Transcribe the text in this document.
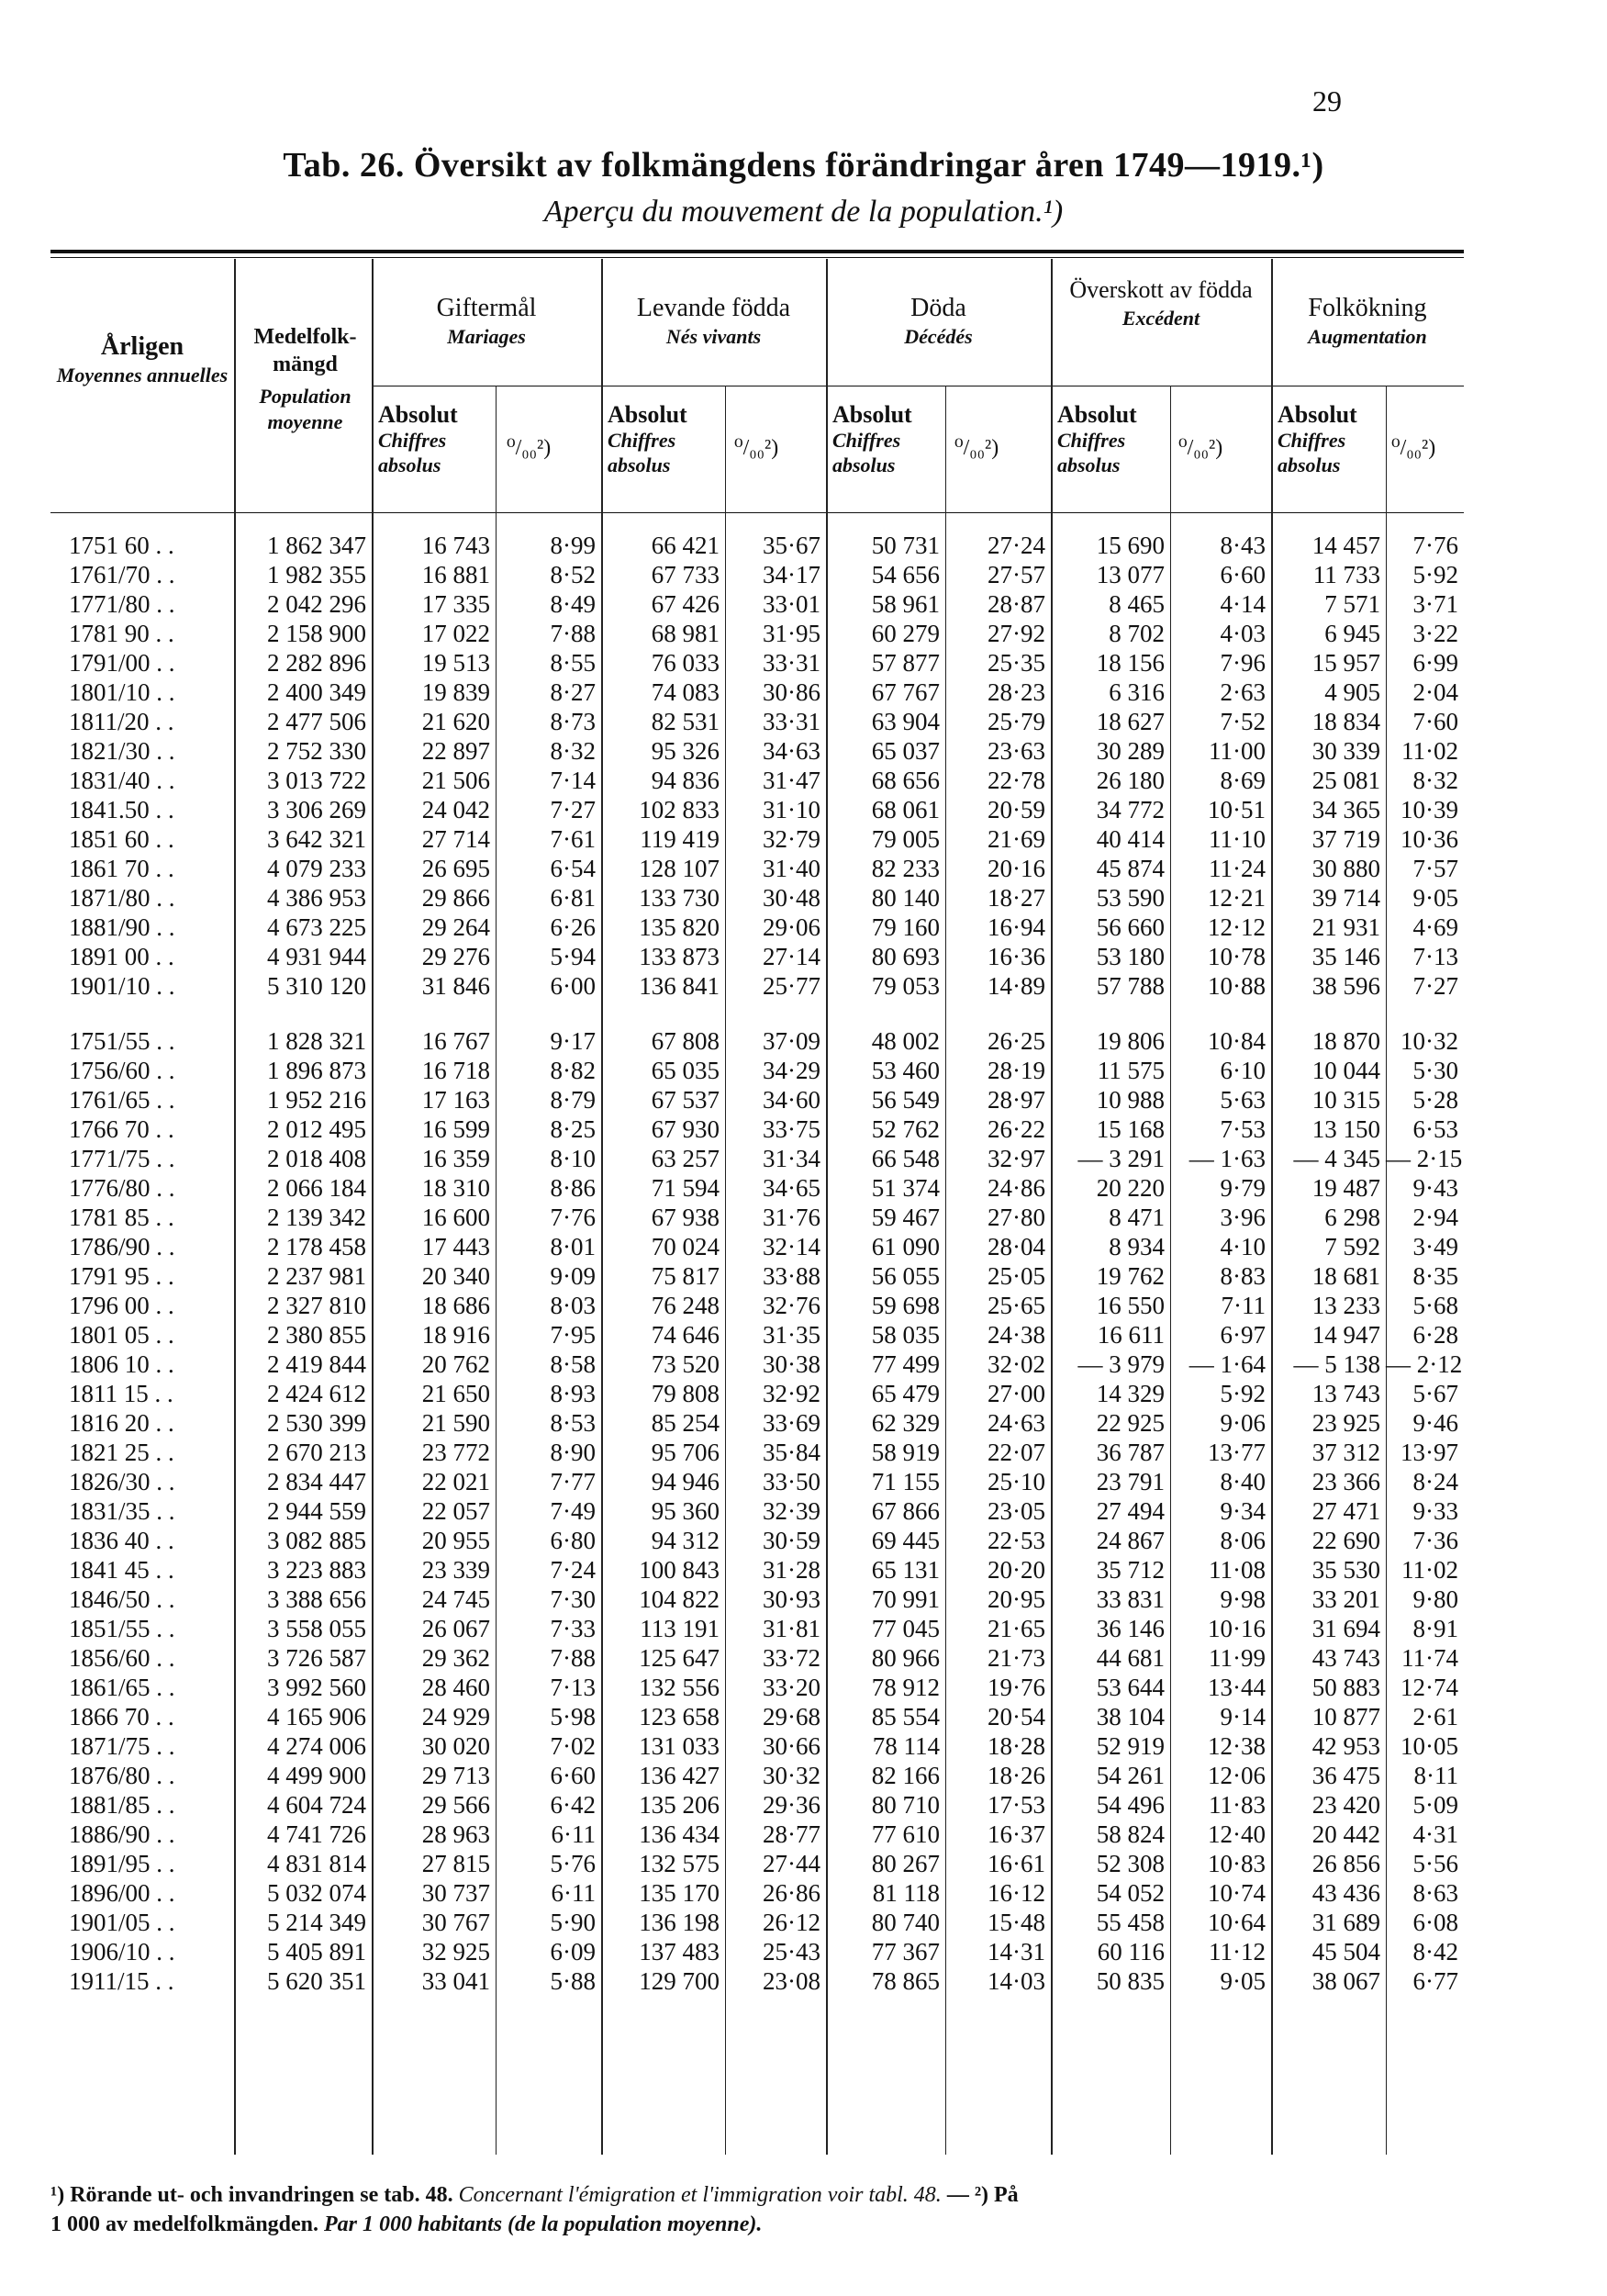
29
Tab. 26. Översikt av folkmängdens förändringar åren 1749—1919.¹)
Aperçu du mouvement de la population.¹)
Årligen
Moyennes annuelles
Medelfolk-mängd
Population moyenne
Giftermål
Mariages
Levande födda
Nés vivants
Döda
Décédés
Överskott av födda
Excédent	Folkökning
Augmentation
Absolut
Chiffres absolus
⁰/₀₀²)
Absolut
Chiffres absolus
⁰/₀₀²)
Absolut
Chiffres absolus
⁰/₀₀²)
Absolut
Chiffres absolus
⁰/₀₀²)
Absolut
Chiffres absolus
⁰/₀₀²)
1751 60 . .	1 862 347	16 743	8·99	66 421	35·67	50 731	27·24	15 690	8·43	14 457	7·76
1761/70 . .	1 982 355	16 881	8·52	67 733	34·17	54 656	27·57	13 077	6·60	11 733	5·92
1771/80 . .	2 042 296	17 335	8·49	67 426	33·01	58 961	28·87	8 465	4·14	7 571	3·71
1781 90 . .	2 158 900	17 022	7·88	68 981	31·95	60 279	27·92	8 702	4·03	6 945	3·22
1791/00 . .	2 282 896	19 513	8·55	76 033	33·31	57 877	25·35	18 156	7·96	15 957	6·99
1801/10 . .	2 400 349	19 839	8·27	74 083	30·86	67 767	28·23	6 316	2·63	4 905	2·04
1811/20 . .	2 477 506	21 620	8·73	82 531	33·31	63 904	25·79	18 627	7·52	18 834	7·60
1821/30 . .	2 752 330	22 897	8·32	95 326	34·63	65 037	23·63	30 289	11·00	30 339	11·02
1831/40 . .	3 013 722	21 506	7·14	94 836	31·47	68 656	22·78	26 180	8·69	25 081	8·32
1841.50 . .	3 306 269	24 042	7·27	102 833	31·10	68 061	20·59	34 772	10·51	34 365	10·39
1851 60 . .	3 642 321	27 714	7·61	119 419	32·79	79 005	21·69	40 414	11·10	37 719	10·36
1861 70 . .	4 079 233	26 695	6·54	128 107	31·40	82 233	20·16	45 874	11·24	30 880	7·57
1871/80 . .	4 386 953	29 866	6·81	133 730	30·48	80 140	18·27	53 590	12·21	39 714	9·05
1881/90 . .	4 673 225	29 264	6·26	135 820	29·06	79 160	16·94	56 660	12·12	21 931	4·69
1891 00 . .	4 931 944	29 276	5·94	133 873	27·14	80 693	16·36	53 180	10·78	35 146	7·13
1901/10 . .	5 310 120	31 846	6·00	136 841	25·77	79 053	14·89	57 788	10·88	38 596	7·27

1751/55 . .	1 828 321	16 767	9·17	67 808	37·09	48 002	26·25	19 806	10·84	18 870	10·32
1756/60 . .	1 896 873	16 718	8·82	65 035	34·29	53 460	28·19	11 575	6·10	10 044	5·30
1761/65 . .	1 952 216	17 163	8·79	67 537	34·60	56 549	28·97	10 988	5·63	10 315	5·28
1766 70 . .	2 012 495	16 599	8·25	67 930	33·75	52 762	26·22	15 168	7·53	13 150	6·53
1771/75 . .	2 018 408	16 359	8·10	63 257	31·34	66 548	32·97	— 3 291	— 1·63	— 4 345	— 2·15
1776/80 . .	2 066 184	18 310	8·86	71 594	34·65	51 374	24·86	20 220	9·79	19 487	9·43
1781 85 . .	2 139 342	16 600	7·76	67 938	31·76	59 467	27·80	8 471	3·96	6 298	2·94
1786/90 . .	2 178 458	17 443	8·01	70 024	32·14	61 090	28·04	8 934	4·10	7 592	3·49
1791 95 . .	2 237 981	20 340	9·09	75 817	33·88	56 055	25·05	19 762	8·83	18 681	8·35
1796 00 . .	2 327 810	18 686	8·03	76 248	32·76	59 698	25·65	16 550	7·11	13 233	5·68
1801 05 . .	2 380 855	18 916	7·95	74 646	31·35	58 035	24·38	16 611	6·97	14 947	6·28
1806 10 . .	2 419 844	20 762	8·58	73 520	30·38	77 499	32·02	— 3 979	— 1·64	— 5 138	— 2·12
1811 15 . .	2 424 612	21 650	8·93	79 808	32·92	65 479	27·00	14 329	5·92	13 743	5·67
1816 20 . .	2 530 399	21 590	8·53	85 254	33·69	62 329	24·63	22 925	9·06	23 925	9·46
1821 25 . .	2 670 213	23 772	8·90	95 706	35·84	58 919	22·07	36 787	13·77	37 312	13·97
1826/30 . .	2 834 447	22 021	7·77	94 946	33·50	71 155	25·10	23 791	8·40	23 366	8·24
1831/35 . .	2 944 559	22 057	7·49	95 360	32·39	67 866	23·05	27 494	9·34	27 471	9·33
1836 40 . .	3 082 885	20 955	6·80	94 312	30·59	69 445	22·53	24 867	8·06	22 690	7·36
1841 45 . .	3 223 883	23 339	7·24	100 843	31·28	65 131	20·20	35 712	11·08	35 530	11·02
1846/50 . .	3 388 656	24 745	7·30	104 822	30·93	70 991	20·95	33 831	9·98	33 201	9·80
1851/55 . .	3 558 055	26 067	7·33	113 191	31·81	77 045	21·65	36 146	10·16	31 694	8·91
1856/60 . .	3 726 587	29 362	7·88	125 647	33·72	80 966	21·73	44 681	11·99	43 743	11·74
1861/65 . .	3 992 560	28 460	7·13	132 556	33·20	78 912	19·76	53 644	13·44	50 883	12·74
1866 70 . .	4 165 906	24 929	5·98	123 658	29·68	85 554	20·54	38 104	9·14	10 877	2·61
1871/75 . .	4 274 006	30 020	7·02	131 033	30·66	78 114	18·28	52 919	12·38	42 953	10·05
1876/80 . .	4 499 900	29 713	6·60	136 427	30·32	82 166	18·26	54 261	12·06	36 475	8·11
1881/85 . .	4 604 724	29 566	6·42	135 206	29·36	80 710	17·53	54 496	11·83	23 420	5·09
1886/90 . .	4 741 726	28 963	6·11	136 434	28·77	77 610	16·37	58 824	12·40	20 442	4·31
1891/95 . .	4 831 814	27 815	5·76	132 575	27·44	80 267	16·61	52 308	10·83	26 856	5·56
1896/00 . .	5 032 074	30 737	6·11	135 170	26·86	81 118	16·12	54 052	10·74	43 436	8·63
1901/05 . .	5 214 349	30 767	5·90	136 198	26·12	80 740	15·48	55 458	10·64	31 689	6·08
1906/10 . .	5 405 891	32 925	6·09	137 483	25·43	77 367	14·31	60 116	11·12	45 504	8·42
1911/15 . .	5 620 351	33 041	5·88	129 700	23·08	78 865	14·03	50 835	9·05	38 067	6·77
¹) Rörande ut- och invandringen se tab. 48. Concernant l'émigration et l'immigration voir tabl. 48. — ²) På
1 000 av medelfolkmängden. Par 1 000 habitants (de la population moyenne).
